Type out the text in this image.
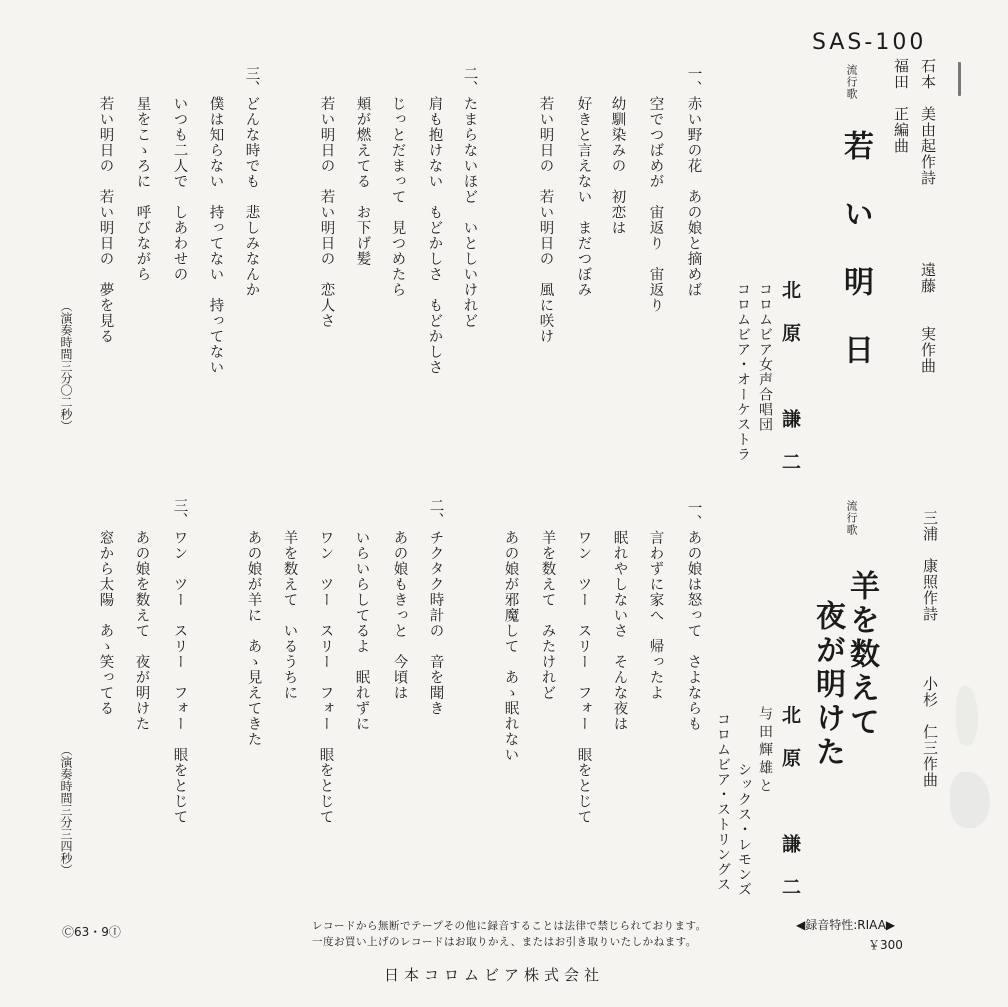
SAS-100
石本　美由起作詩
福田　正編曲
遠藤　　実作曲
流行歌
若い明日
北原　謙二
コロムビア女声合唱団
コロムビア・オーケストラ
一、
赤い野の花　あの娘と摘めば
空でつばめが　宙返り　宙返り
幼馴染みの　初恋は
好きと言えない　まだつぼみ
若い明日の　若い明日の　風に咲け
二、
たまらないほど　いとしいけれど
肩も抱けない　もどかしさ　もどかしさ
じっとだまって　見つめたら
頬が燃えてる　お下げ髪
若い明日の　若い明日の　恋人さ
三、
どんな時でも　悲しみなんか
僕は知らない　持ってない　持ってない
いつも二人で　しあわせの
星をこゝろに　呼びながら
若い明日の　若い明日の　夢を見る
（演奏時間三分〇二秒）
三浦　康照作詩
小杉　仁三作曲
流行歌
羊を数えて
夜が明けた
北原　謙二
与田輝雄と
シックス・レモンズ
コロムビア・ストリングス
一、
あの娘は怒って　さよならも
言わずに家へ　帰ったよ
眠れやしないさ　そんな夜は
ワン　ツー　スリー　フォー　眼をとじて
羊を数えて　みたけれど
あの娘が邪魔して　あゝ眠れない
二、
チクタク時計の　音を聞き
あの娘もきっと　今頃は
いらいらしてるよ　眠れずに
ワン　ツー　スリー　フォー　眼をとじて
羊を数えて　いるうちに
あの娘が羊に　あゝ見えてきた
三、
窓から太陽　あゝ笑ってる あの娘を数えて　夜が明けた ワン　ツー　スリー　フォー　眼をとじて
（演奏時間三分三四秒）
Ⓒ63・9Ⓘ	レコードから無断でテープその他に録音することは法律で禁じられております。
一度お買い上げのレコードはお取りかえ、またはお引き取りいたしかねます。
◀録音特性:RIAA▶
￥300
日本コロムビア株式会社
